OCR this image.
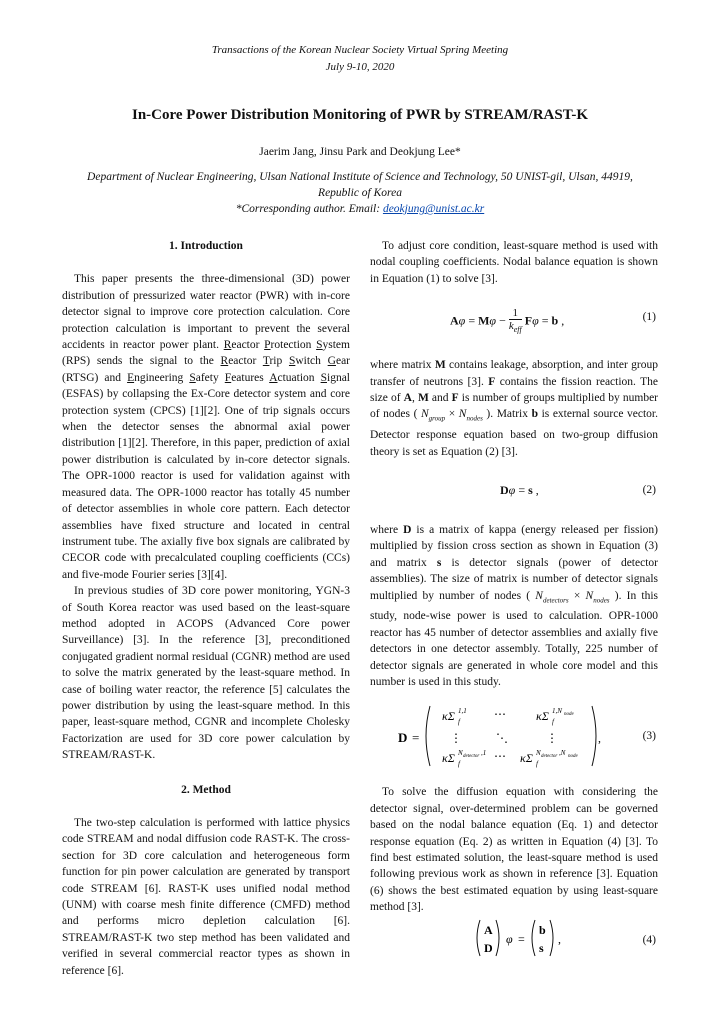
Transactions of the Korean Nuclear Society Virtual Spring Meeting
July 9-10, 2020
In-Core Power Distribution Monitoring of PWR by STREAM/RAST-K
Jaerim Jang, Jinsu Park and Deokjung Lee*
Department of Nuclear Engineering, Ulsan National Institute of Science and Technology, 50 UNIST-gil, Ulsan, 44919,
Republic of Korea
*Corresponding author. Email: deokjung@unist.ac.kr
1. Introduction

This paper presents the three-dimensional (3D) power distribution of pressurized water reactor (PWR) with in-core detector signal to improve core protection calculation. Core protection calculation is important to prevent the several accidents in reactor power plant. Reactor Protection System (RPS) sends the signal to the Reactor Trip Switch Gear (RTSG) and Engineering Safety Features Actuation Signal (ESFAS) by collapsing the Ex-Core detector system and core protection system (CPCS) [1][2]. One of trip signals occurs when the detector senses the abnormal axial power distribution [1][2]. Therefore, in this paper, prediction of axial power distribution is calculated by in-core detector signals. The OPR-1000 reactor is used for validation against with measured data. The OPR-1000 reactor has totally 45 number of detector assemblies in whole core pattern. Each detector assemblies have fixed structure and located in central instrument tube. The axially five box signals are calibrated by CECOR code with precalculated coupling coefficients (CCs) and five-mode Fourier series [3][4].

In previous studies of 3D core power monitoring, YGN-3 of South Korea reactor was used based on the least-square method adopted in ACOPS (Advanced Core power Surveillance) [3]. In the reference [3], preconditioned conjugated gradient normal residual (CGNR) method are used to solve the matrix generated by the least-square method. In case of boiling water reactor, the reference [5] calculates the power distribution by using the least-square method. In this paper, least-square method, CGNR and incomplete Cholesky Factorization are used for 3D core power calculation by STREAM/RAST-K.

2. Method

The two-step calculation is performed with lattice physics code STREAM and nodal diffusion code RAST-K. The cross-section for 3D core calculation and heterogeneous form function for pin power calculation are generated by transport code STREAM [6]. RAST-K uses unified nodal method (UNM) with coarse mesh finite difference (CMFD) method and performs micro depletion calculation [6]. STREAM/RAST-K two step method has been validated and verified in several commercial reactor types as shown in reference [6].

To adjust core condition, least-square method is used with nodal coupling coefficients. Nodal balance equation is shown in Equation (1) to solve [3].

$A\varphi = M\varphi - \frac{1}{k_{eff}}$ Fφ = b ,	(1)

where matrix M contains leakage, absorption, and inter group transfer of neutrons [3]. F contains the fission reaction. The size of A, M and F is number of groups multiplied by number of nodes ( $N_{group} \times N_{nodes}$ ). Matrix b is external source vector. Detector response equation based on two-group diffusion theory is set as Equation (2) [3].

Dφ = s ,	(2)

where D is a matrix of kappa (energy released per fission) multiplied by fission cross section as shown in Equation (3) and matrix s is detector signals (power of detector assemblies). The size of matrix is number of detector signals multiplied by number of nodes ( $N_{detectors} \times N_{nodes}$ ). In this study, node-wise power is used to calculation. OPR-1000 reactor has 45 number of detector assemblies and axially five detectors in one detector assembly. Totally, 225 number of detector signals are generated in whole core model and this number is used in this study.

D =
κΣ 1,1
f
⋯	κΣ 1,N node
f
⋮	⋱	⋮
κΣ N detector ,1
f
⋯ κΣ N detector ,N node
f
,	(3)

To solve the diffusion equation with considering the detector signal, over-determined problem can be governed based on the nodal balance equation (Eq. 1) and detector response equation (Eq. 2) as written in Equation (4) [3]. To find best estimated solution, the least-square method is used following previous work as shown in reference [3]. Equation (6) shows the best estimated equation by using least-square method [3].

A
D
φ =
b
s
,	(4)
